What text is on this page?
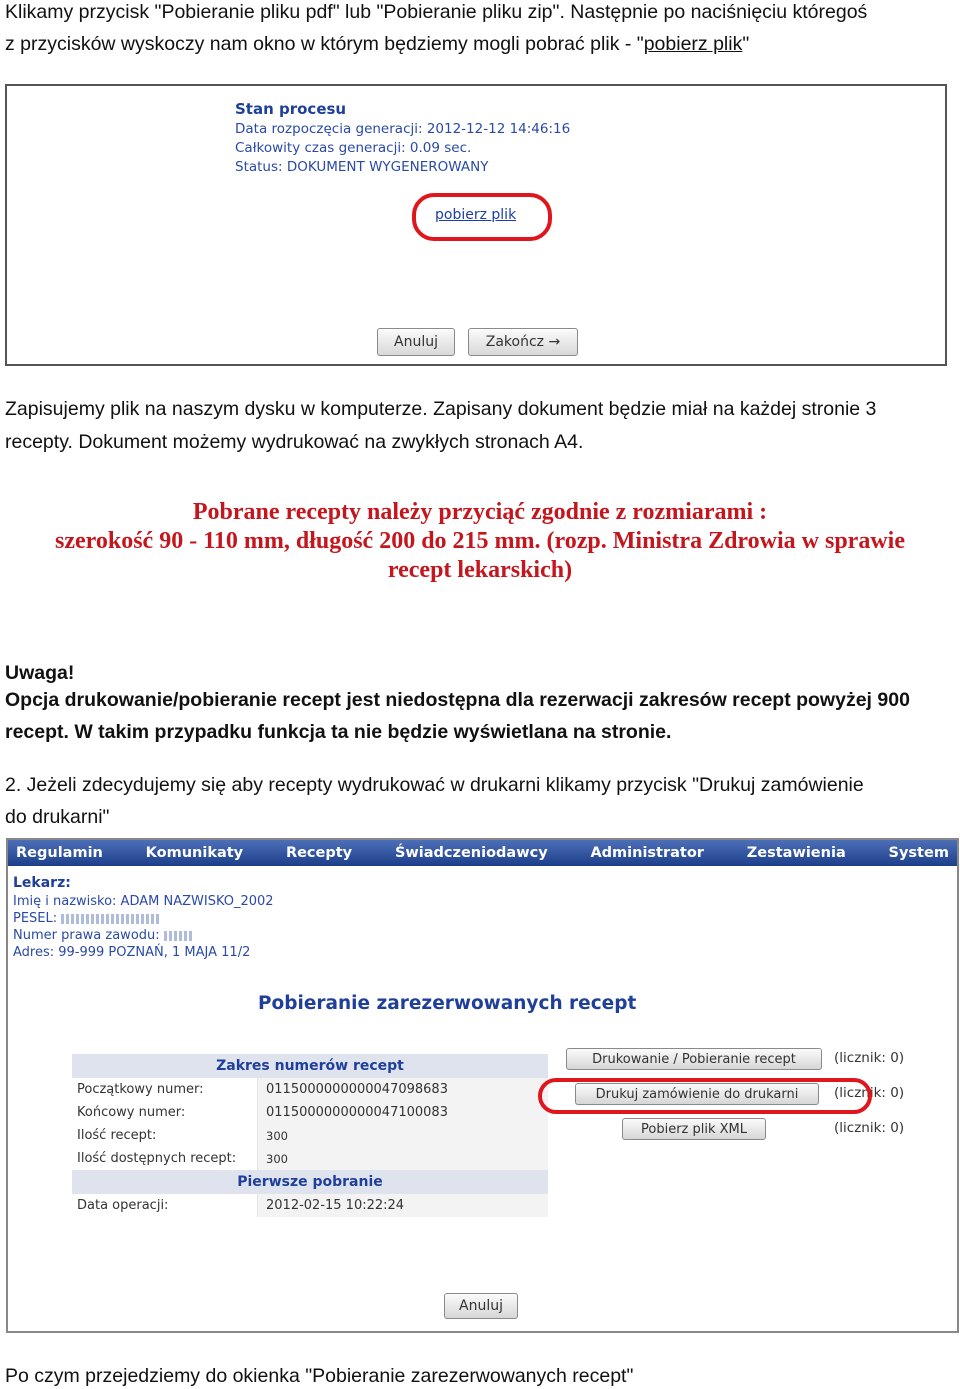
Klikamy przycisk "Pobieranie pliku pdf" lub "Pobieranie pliku zip". Następnie po naciśnięciu któregoś
z przycisków wyskoczy nam okno w którym będziemy mogli pobrać plik - "pobierz plik"
Stan procesu
Data rozpoczęcia generacji: 2012-12-12 14:46:16
Całkowity czas generacji: 0.09 sec.
Status: DOKUMENT WYGENEROWANY
pobierz plik
Anuluj	Zakończ →
Zapisujemy plik na naszym dysku w komputerze. Zapisany dokument będzie miał na każdej stronie 3
recepty. Dokument możemy wydrukować na zwykłych stronach A4.
Pobrane recepty należy przyciąć zgodnie z rozmiarami :
szerokość 90 - 110 mm, długość 200 do 215 mm. (rozp. Ministra Zdrowia w sprawie
recept lekarskich)
Uwaga!
Opcja drukowanie/pobieranie recept jest niedostępna dla rezerwacji zakresów recept powyżej 900
recept. W takim przypadku funkcja ta nie będzie wyświetlana na stronie.
2. Jeżeli zdecydujemy się aby recepty wydrukować w drukarni klikamy przycisk "Drukuj zamówienie
do drukarni"
Regulamin	Komunikaty	Recepty	Świadczeniodawcy	Administrator	Zestawienia	System
Lekarz:
Imię i nazwisko: ADAM NAZWISKO_2002
PESEL:
Numer prawa zawodu:
Adres: 99-999 POZNAŃ, 1 MAJA 11/2
Pobieranie zarezerwowanych recept
Zakres numerów recept
Początkowy numer:	0115000000000047098683
Końcowy numer:	0115000000000047100083
Ilość recept:	300
Ilość dostępnych recept:	300
Pierwsze pobranie
Data operacji:	2012-02-15 10:22:24
Drukowanie / Pobieranie recept	(licznik: 0)
Drukuj zamówienie do drukarni	(licznik: 0)
Pobierz plik XML	(licznik: 0)
Anuluj
Po czym przejedziemy do okienka "Pobieranie zarezerwowanych recept"
